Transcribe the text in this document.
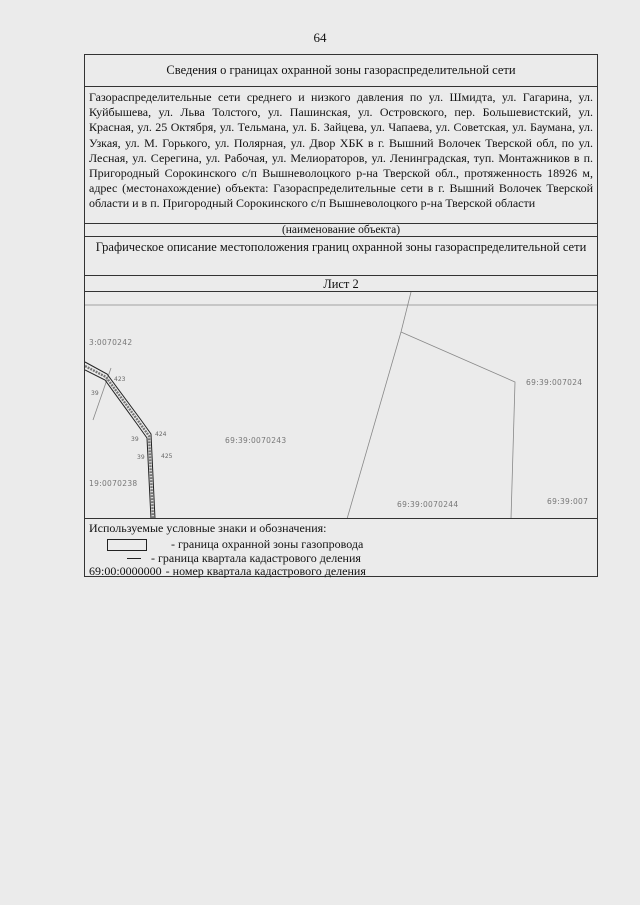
64
Сведения о границах охранной зоны газораспределительной сети
Газораспределительные сети среднего и низкого давления по ул. Шмидта, ул. Гагарина, ул. Куйбышева, ул. Льва Толстого, ул. Пашинская, ул. Островского, пер. Большевистский, ул. Красная, ул. 25 Октября, ул. Тельмана, ул. Б. Зайцева, ул. Чапаева, ул. Советская, ул. Баумана, ул. Узкая, ул. М. Горького, ул. Полярная, ул. Двор ХБК в г. Вышний Волочек Тверской обл, по ул. Лесная, ул. Серегина, ул. Рабочая, ул. Мелиораторов, ул. Ленинградская, туп. Монтажников в п. Пригородный Сорокинского с/п Вышневолоцкого р-на Тверской обл., протяженность 18926 м, адрес (местонахождение) объекта: Газораспределительные сети в г. Вышний Волочек Тверской области и в п. Пригородный Сорокинского с/п Вышневолоцкого р-на Тверской области
(наименование объекта)
Графическое описание местоположения границ охранной зоны газораспределительной сети
Лист 2
3:0070242
69:39:0070243
69:39:007024
19:0070238
69:39:0070244	69:39:007
423
39
424
39
39	425
Используемые условные знаки и обозначения:
- граница охранной зоны газопровода
- граница квартала кадастрового деления
69:00:0000000 - номер квартала кадастрового деления
